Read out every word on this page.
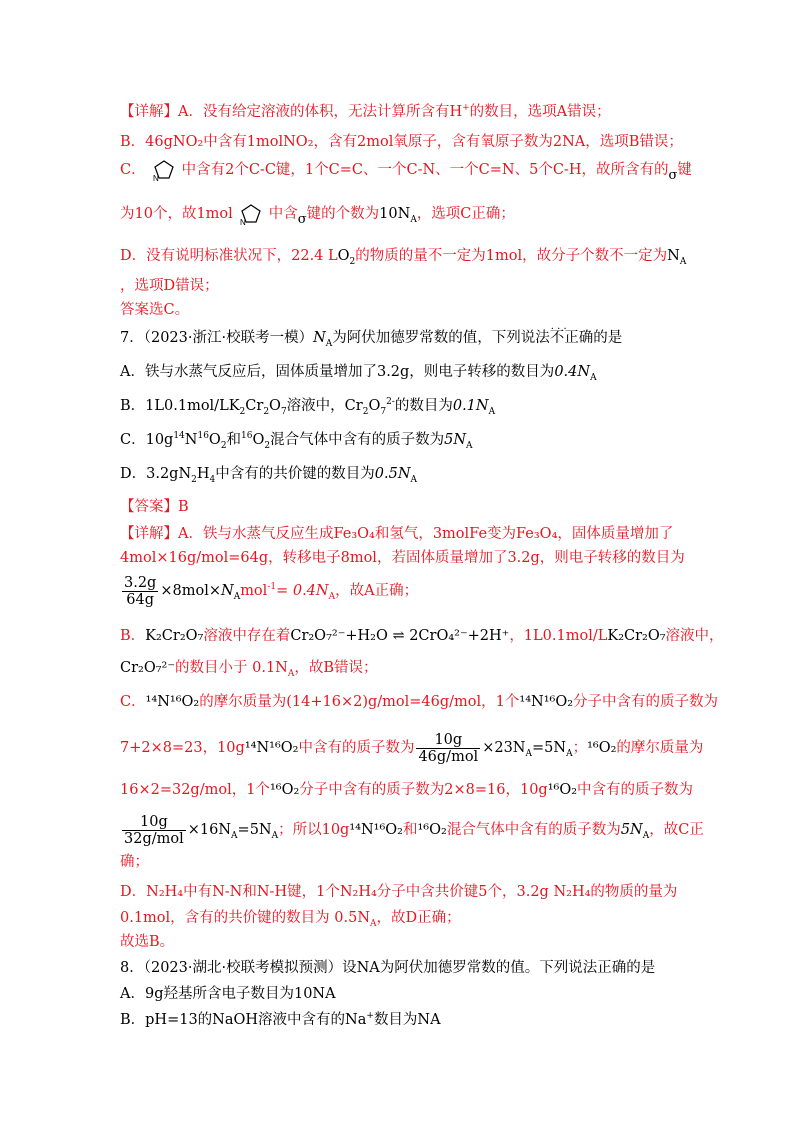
【详解】A．没有给定溶液的体积，无法计算所含有H+的数目，选项A错误；
B．46gNO₂中含有1molNO₂，含有2mol氧原子，含有氧原子数为2NA，选项B错误；
C．
N
中含有2个C-C键，1个C=C、一个C-N、一个C=N、5个C-H，故所含有的σ键
为10个，故1mol
N
中含σ键的个数为$10N_A$，选项C正确；
D．没有说明标准状况下，22.4 $LO_2$的物质的量不一定为1mol，故分子个数不一定为$N_A$
，选项D错误；
答案选C。
7．（2023·浙江·校联考一模）$N_A$为阿伏加德罗常数的值，下列说法· · 不正确的是
A．铁与水蒸气反应后，固体质量增加了3.2g，则电子转移的数目为$0.4N_A$
B．$1L0.1mol/LK_2Cr_2O_7$溶液中，$Cr_2O_7^{2-}$的数目为$0.1N_A$
C．$10g^{14}N^{16}O_2$和$^{16}O_2$混合气体中含有的质子数为$5N_A$
D．$3.2gN_2H_4$中含有的共价键的数目为$0.5N_A$
【答案】B
【详解】A．铁与水蒸气反应生成Fe₃O₄和氢气，3molFe变为Fe₃O₄，固体质量增加了
4mol×16g/mol=64g，转移电子8mol，若固体质量增加了3.2g，则电子转移的数目为
$\frac{3.2g}{64g} \times 8mol\times N_Amol^{-1}= 0.4N_A$，故A正确；
B．K₂Cr₂O₇溶液中存在着Cr₂O₇²⁻+H₂O ⇌ 2CrO₄²⁻+2H⁺，1L0.1mol/LK₂Cr₂O₇溶液中，
Cr₂O₇²⁻的数目小于 $0.1N_A$，故B错误；
C．¹⁴N¹⁶O₂的摩尔质量为(14+16×2)g/mol=46g/mol，1个¹⁴N¹⁶O₂分子中含有的质子数为
7+2×8=23，10g¹⁴N¹⁶O₂中含有的质子数为 $\frac{10g}{\text{46g/mol}} \times 23N_A=5N_A$；¹⁶O₂的摩尔质量为
16×2=32g/mol，1个¹⁶O₂分子中含有的质子数为2×8=16，10g¹⁶O₂中含有的质子数为
$\frac{10g}{\text{32g/mol}} \times 16N_A=5N_A$；所以10g¹⁴N¹⁶O₂和¹⁶O₂混合气体中含有的质子数为$5N_A$，故C正
确；
D．N₂H₄中有N-N和N-H键，1个N₂H₄分子中含共价键5个，3.2g N₂H₄的物质的量为
0.1mol，含有的共价键的数目为 $0.5N_A$，故D正确；
故选B。
8．（2023·湖北·校联考模拟预测）设NA为阿伏加德罗常数的值。下列说法正确的是
A．9g羟基所含电子数目为10NA
B．pH=13的NaOH溶液中含有的Na+数目为NA
